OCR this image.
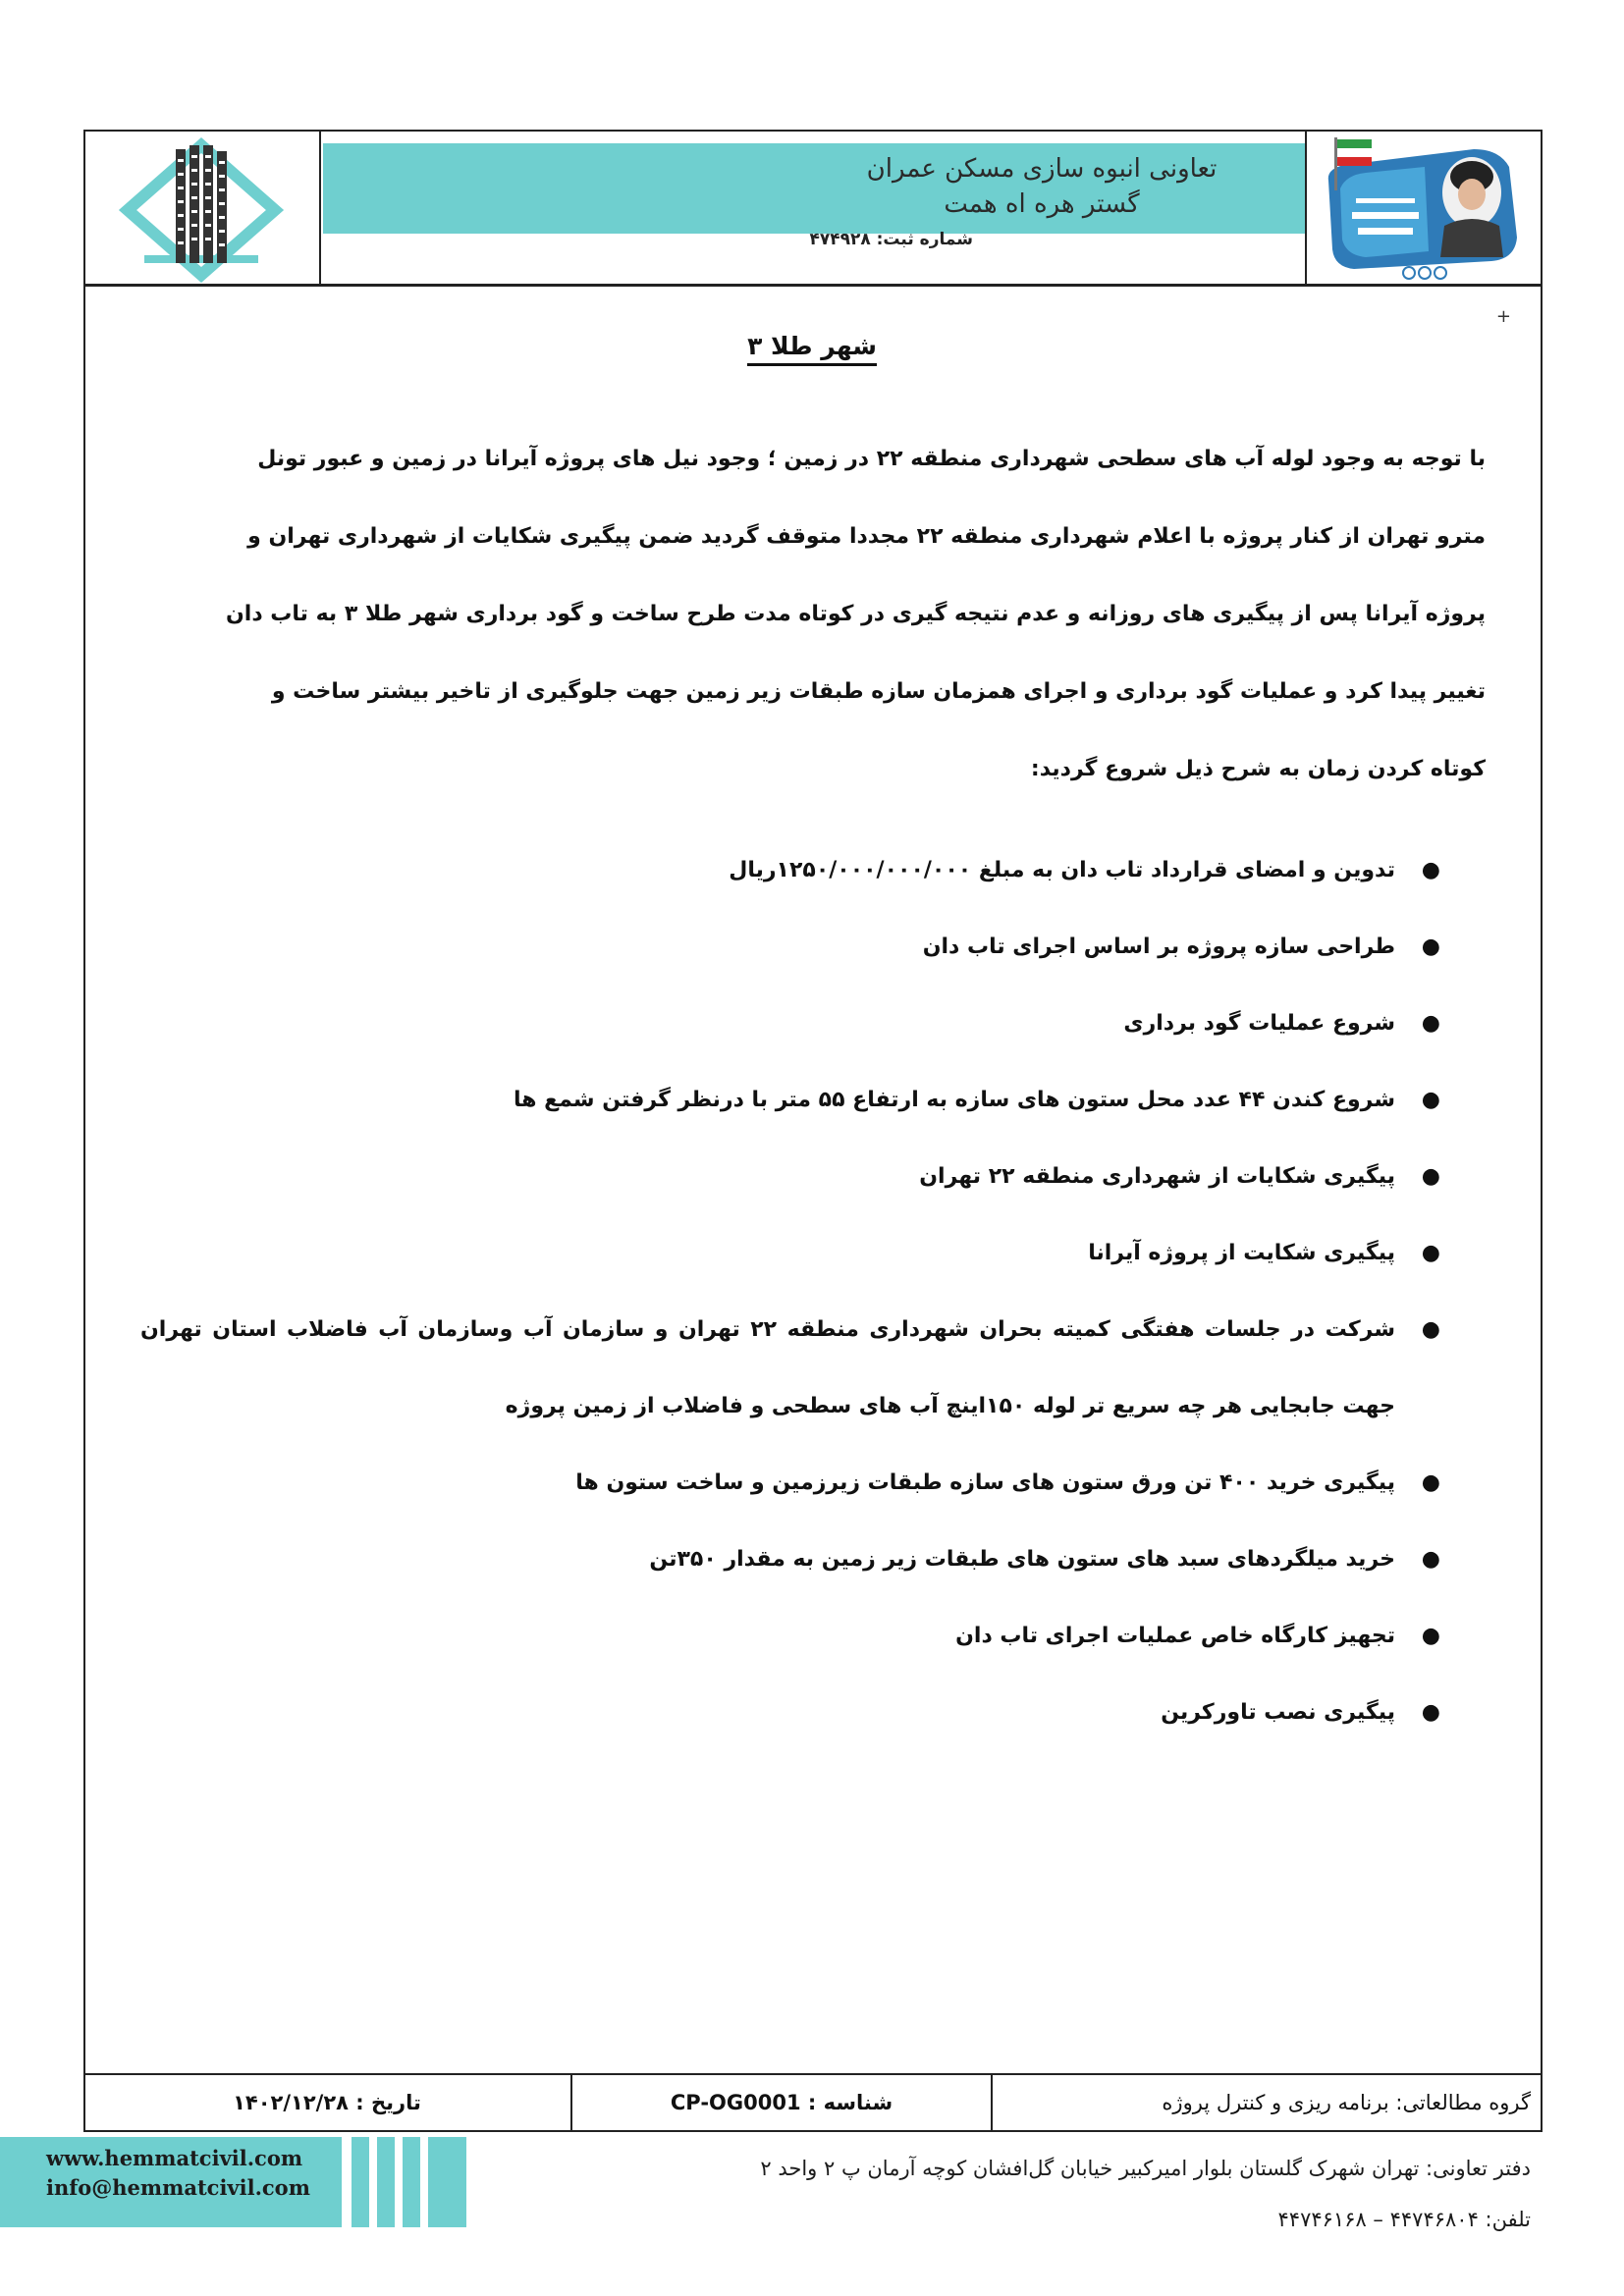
تعاونی انبوه سازی مسکن عمران
گستر هره اه همت
شماره ثبت: ۴۷۴۹۲۸
+
شهر طلا ۳
با توجه به وجود لوله آب های سطحی شهرداری منطقه ۲۲ در زمین ؛ وجود نیل های پروژه آیرانا در زمین و عبور تونل
مترو تهران از کنار پروژه با اعلام شهرداری منطقه ۲۲ مجددا متوقف گردید ضمن پیگیری شکایات از شهرداری تهران و
پروژه آیرانا پس از پیگیری های روزانه و عدم نتیجه گیری در کوتاه مدت طرح ساخت و گود برداری شهر طلا ۳ به تاب دان
تغییر پیدا کرد و عملیات گود برداری و اجرای همزمان سازه طبقات زیر زمین جهت جلوگیری از تاخیر بیشتر ساخت و
کوتاه کردن زمان به شرح ذیل شروع گردید:
●
تدوین و امضای قرارداد تاب دان به مبلغ ۱۲۵۰/۰۰۰/۰۰۰/۰۰۰ریال
●
طراحی سازه پروژه بر اساس اجرای تاب دان
●
شروع عملیات گود برداری
●
شروع کندن ۴۴ عدد محل ستون های سازه به ارتفاع ۵۵ متر با درنظر گرفتن شمع ها
●
پیگیری شکایات از شهرداری منطقه ۲۲ تهران
●
پیگیری شکایت از پروژه آیرانا
●
شرکت در جلسات هفتگی کمیته بحران شهرداری منطقه ۲۲ تهران و سازمان آب وسازمان آب فاضلاب استان تهران جهت جابجایی هر چه سریع تر لوله ۱۵۰اینچ آب های سطحی و فاضلاب از زمین پروژه
●
پیگیری خرید ۴۰۰ تن ورق ستون های سازه طبقات زیرزمین و ساخت ستون ها
●
خرید میلگردهای سبد های ستون های طبقات زیر زمین به مقدار ۳۵۰تن
●
تجهیز کارگاه خاص عملیات اجرای تاب دان
●
پیگیری نصب تاورکرین
گروه مطالعاتی: برنامه ریزی و کنترل پروژه
شناسه : CP-OG0001
تاریخ : ۱۴۰۲/۱۲/۲۸
www.hemmatcivil.com
info@hemmatcivil.com
دفتر تعاونی: تهران شهرک گلستان بلوار امیرکبیر خیابان گل‌افشان کوچه آرمان پ ۲ واحد ۲
تلفن: ۴۴۷۴۶۸۰۴ – ۴۴۷۴۶۱۶۸
